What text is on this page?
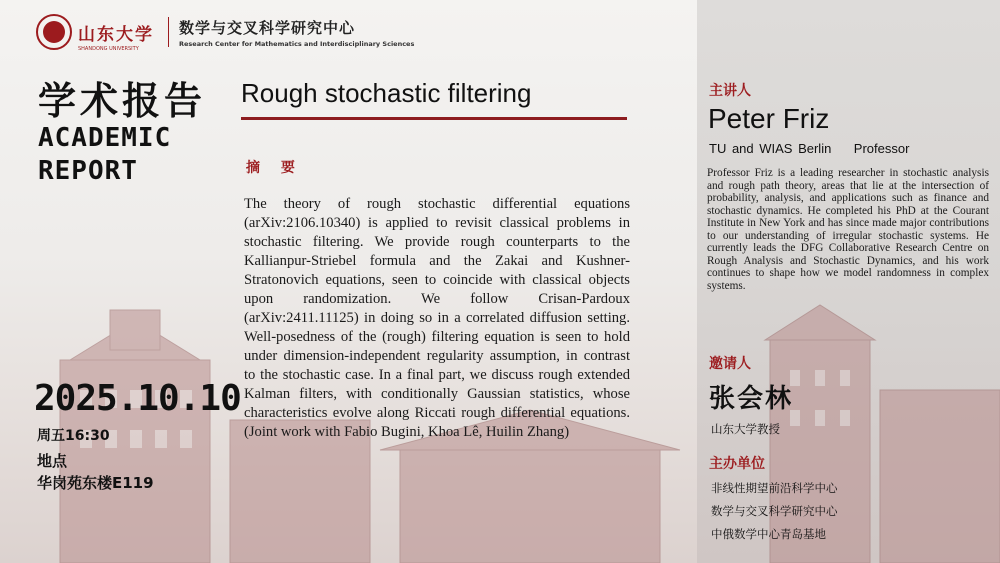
山东大学
SHANDONG UNIVERSITY
数学与交叉科学研究中心
Research Center for Mathematics and Interdisciplinary Sciences
学术报告
ACADEMIC
REPORT
Rough stochastic filtering
摘 要
The theory of rough stochastic differential equations (arXiv:2106.10340) is applied to revisit classical problems in stochastic filtering. We provide rough counterparts to the Kallianpur-Striebel formula and the Zakai and Kushner-Stratonovich equations, seen to coincide with classical objects upon randomization. We follow Crisan-Pardoux (arXiv:2411.11125) in doing so in a correlated diffusion setting. Well-posedness of the (rough) filtering equation is seen to hold under dimension-independent regularity assumption, in contrast to the stochastic case. In a final part, we discuss rough extended Kalman filters, with conditionally Gaussian statistics, whose characteristics evolve along Riccati rough differential equations. (Joint work with Fabio Bugini, Khoa Lê, Huilin Zhang)
2025.10.10
周五16:30
地点
华岗苑东楼E119
主讲人
Peter Friz
TU and WIAS Berlin Professor
Professor Friz is a leading researcher in stochastic analysis and rough path theory, areas that lie at the intersection of probability, analysis, and applications such as finance and stochastic dynamics. He completed his PhD at the Courant Institute in New York and has since made major contributions to our understanding of irregular stochastic systems. He currently leads the DFG Collaborative Research Centre on Rough Analysis and Stochastic Dynamics, and his work continues to shape how we model randomness in complex systems.
邀请人
张会林
山东大学教授
主办单位
非线性期望前沿科学中心
数学与交叉科学研究中心
中俄数学中心青岛基地
